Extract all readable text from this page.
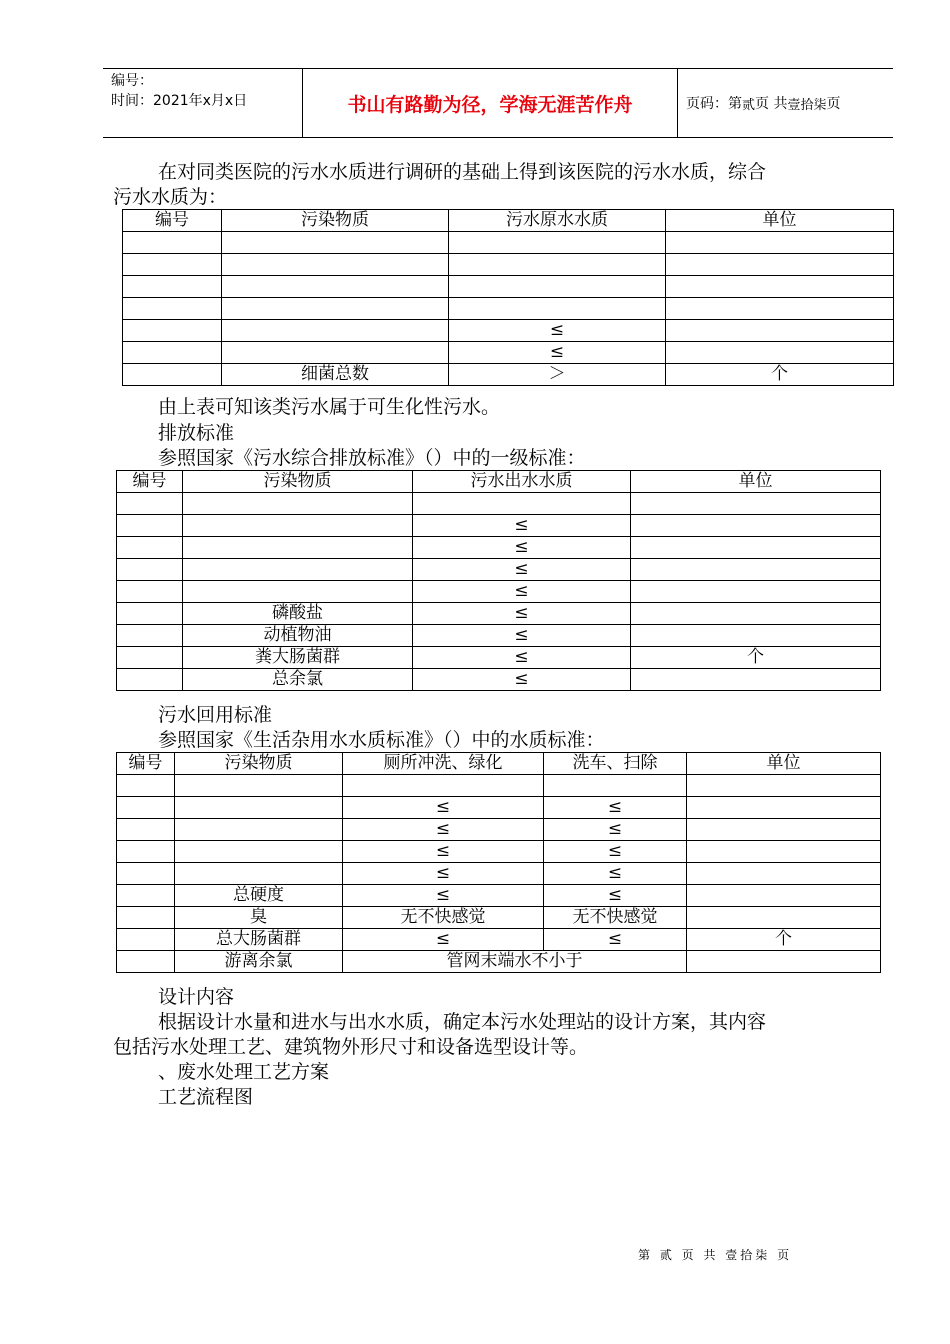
编号：
时间：2021年x月x日	书山有路勤为径，学海无涯苦作舟	页码：第 贰 页 共 壹拾柒 页
在对同类医院的污水水质进行调研的基础上得到该医院的污水水质，综合
污水水质为：
编号	污染物质	污水原水水质	单位

		≤	
		≤	
	细菌总数	＞	个
由上表可知该类污水属于可生化性污水。
排放标准
参照国家《污水综合排放标准》（）中的一级标准：
编号	污染物质	污水出水水质	单位

		≤	
		≤	
		≤	
		≤	
	磷酸盐	≤	
	动植物油	≤	
	粪大肠菌群	≤	个
	总余氯	≤	
污水回用标准
参照国家《生活杂用水水质标准》（）中的水质标准：
编号	污染物质	厕所冲洗、绿化	洗车、扫除	单位

		≤	≤	
		≤	≤	
		≤	≤	
		≤	≤	
	总硬度	≤	≤	
	臭	无不快感觉	无不快感觉	
	总大肠菌群	≤	≤	个
	游离余氯	管网末端水不小于		
设计内容
根据设计水量和进水与出水水质，确定本污水处理站的设计方案，其内容
包括污水处理工艺、建筑物外形尺寸和设备选型设计等。
、废水处理工艺方案
工艺流程图
第 贰 页 共 壹拾柒 页
